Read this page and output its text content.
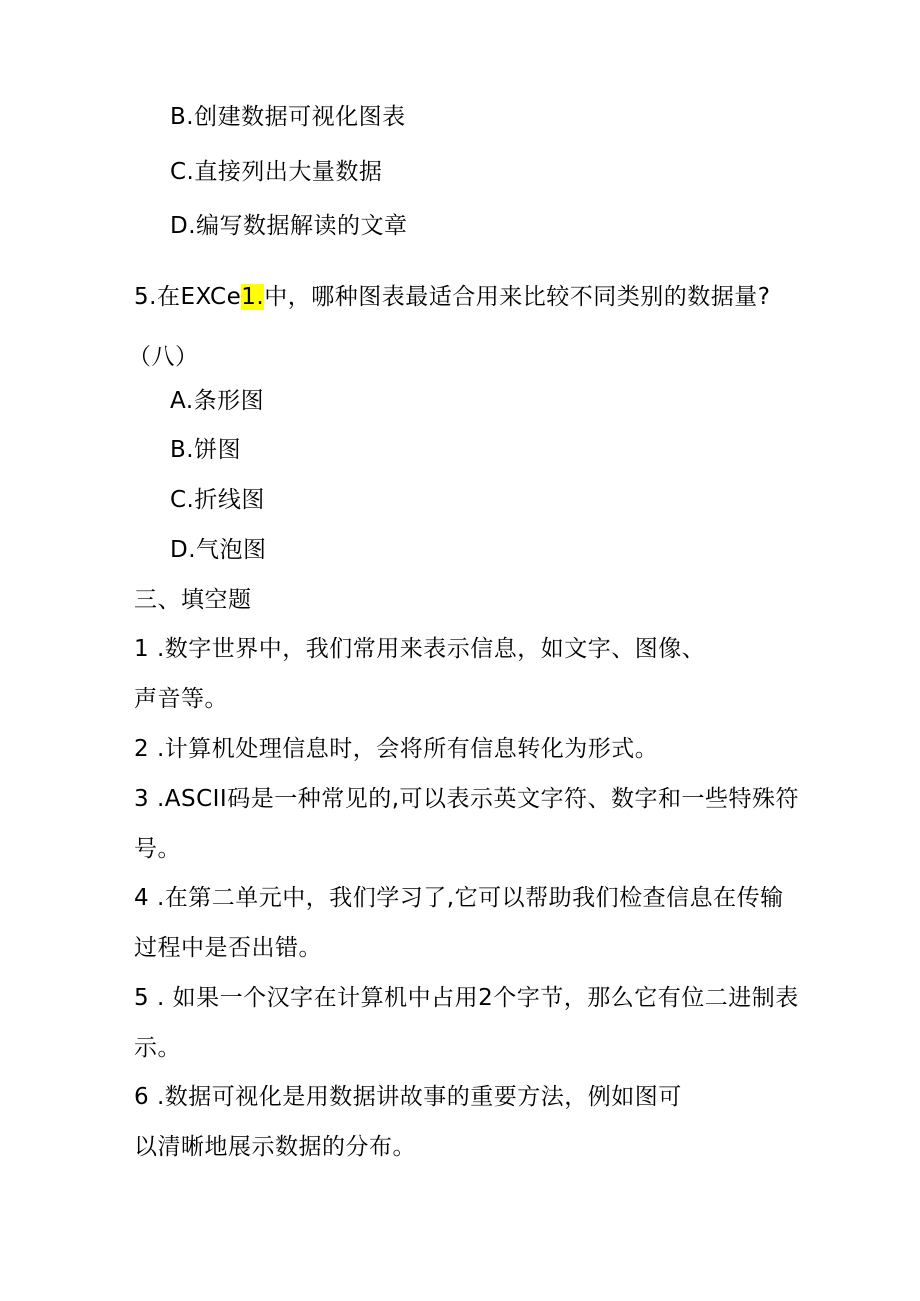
B.创建数据可视化图表
C.直接列出大量数据
D.编写数据解读的文章
5.在EXCe1.中，哪种图表最适合用来比较不同类别的数据量?
（八）
A.条形图
B.饼图
C.折线图
D.气泡图
三、填空题
1 .数字世界中，我们常用来表示信息，如文字、图像、
声音等。
2 .计算机处理信息时，会将所有信息转化为形式。
3 .ASCII码是一种常见的,可以表示英文字符、数字和一些特殊符
号。
4 .在第二单元中，我们学习了,它可以帮助我们检查信息在传输
过程中是否出错。
5 . 如果一个汉字在计算机中占用2个字节，那么它有位二进制表
示。
6 .数据可视化是用数据讲故事的重要方法，例如图可
以清晰地展示数据的分布。
